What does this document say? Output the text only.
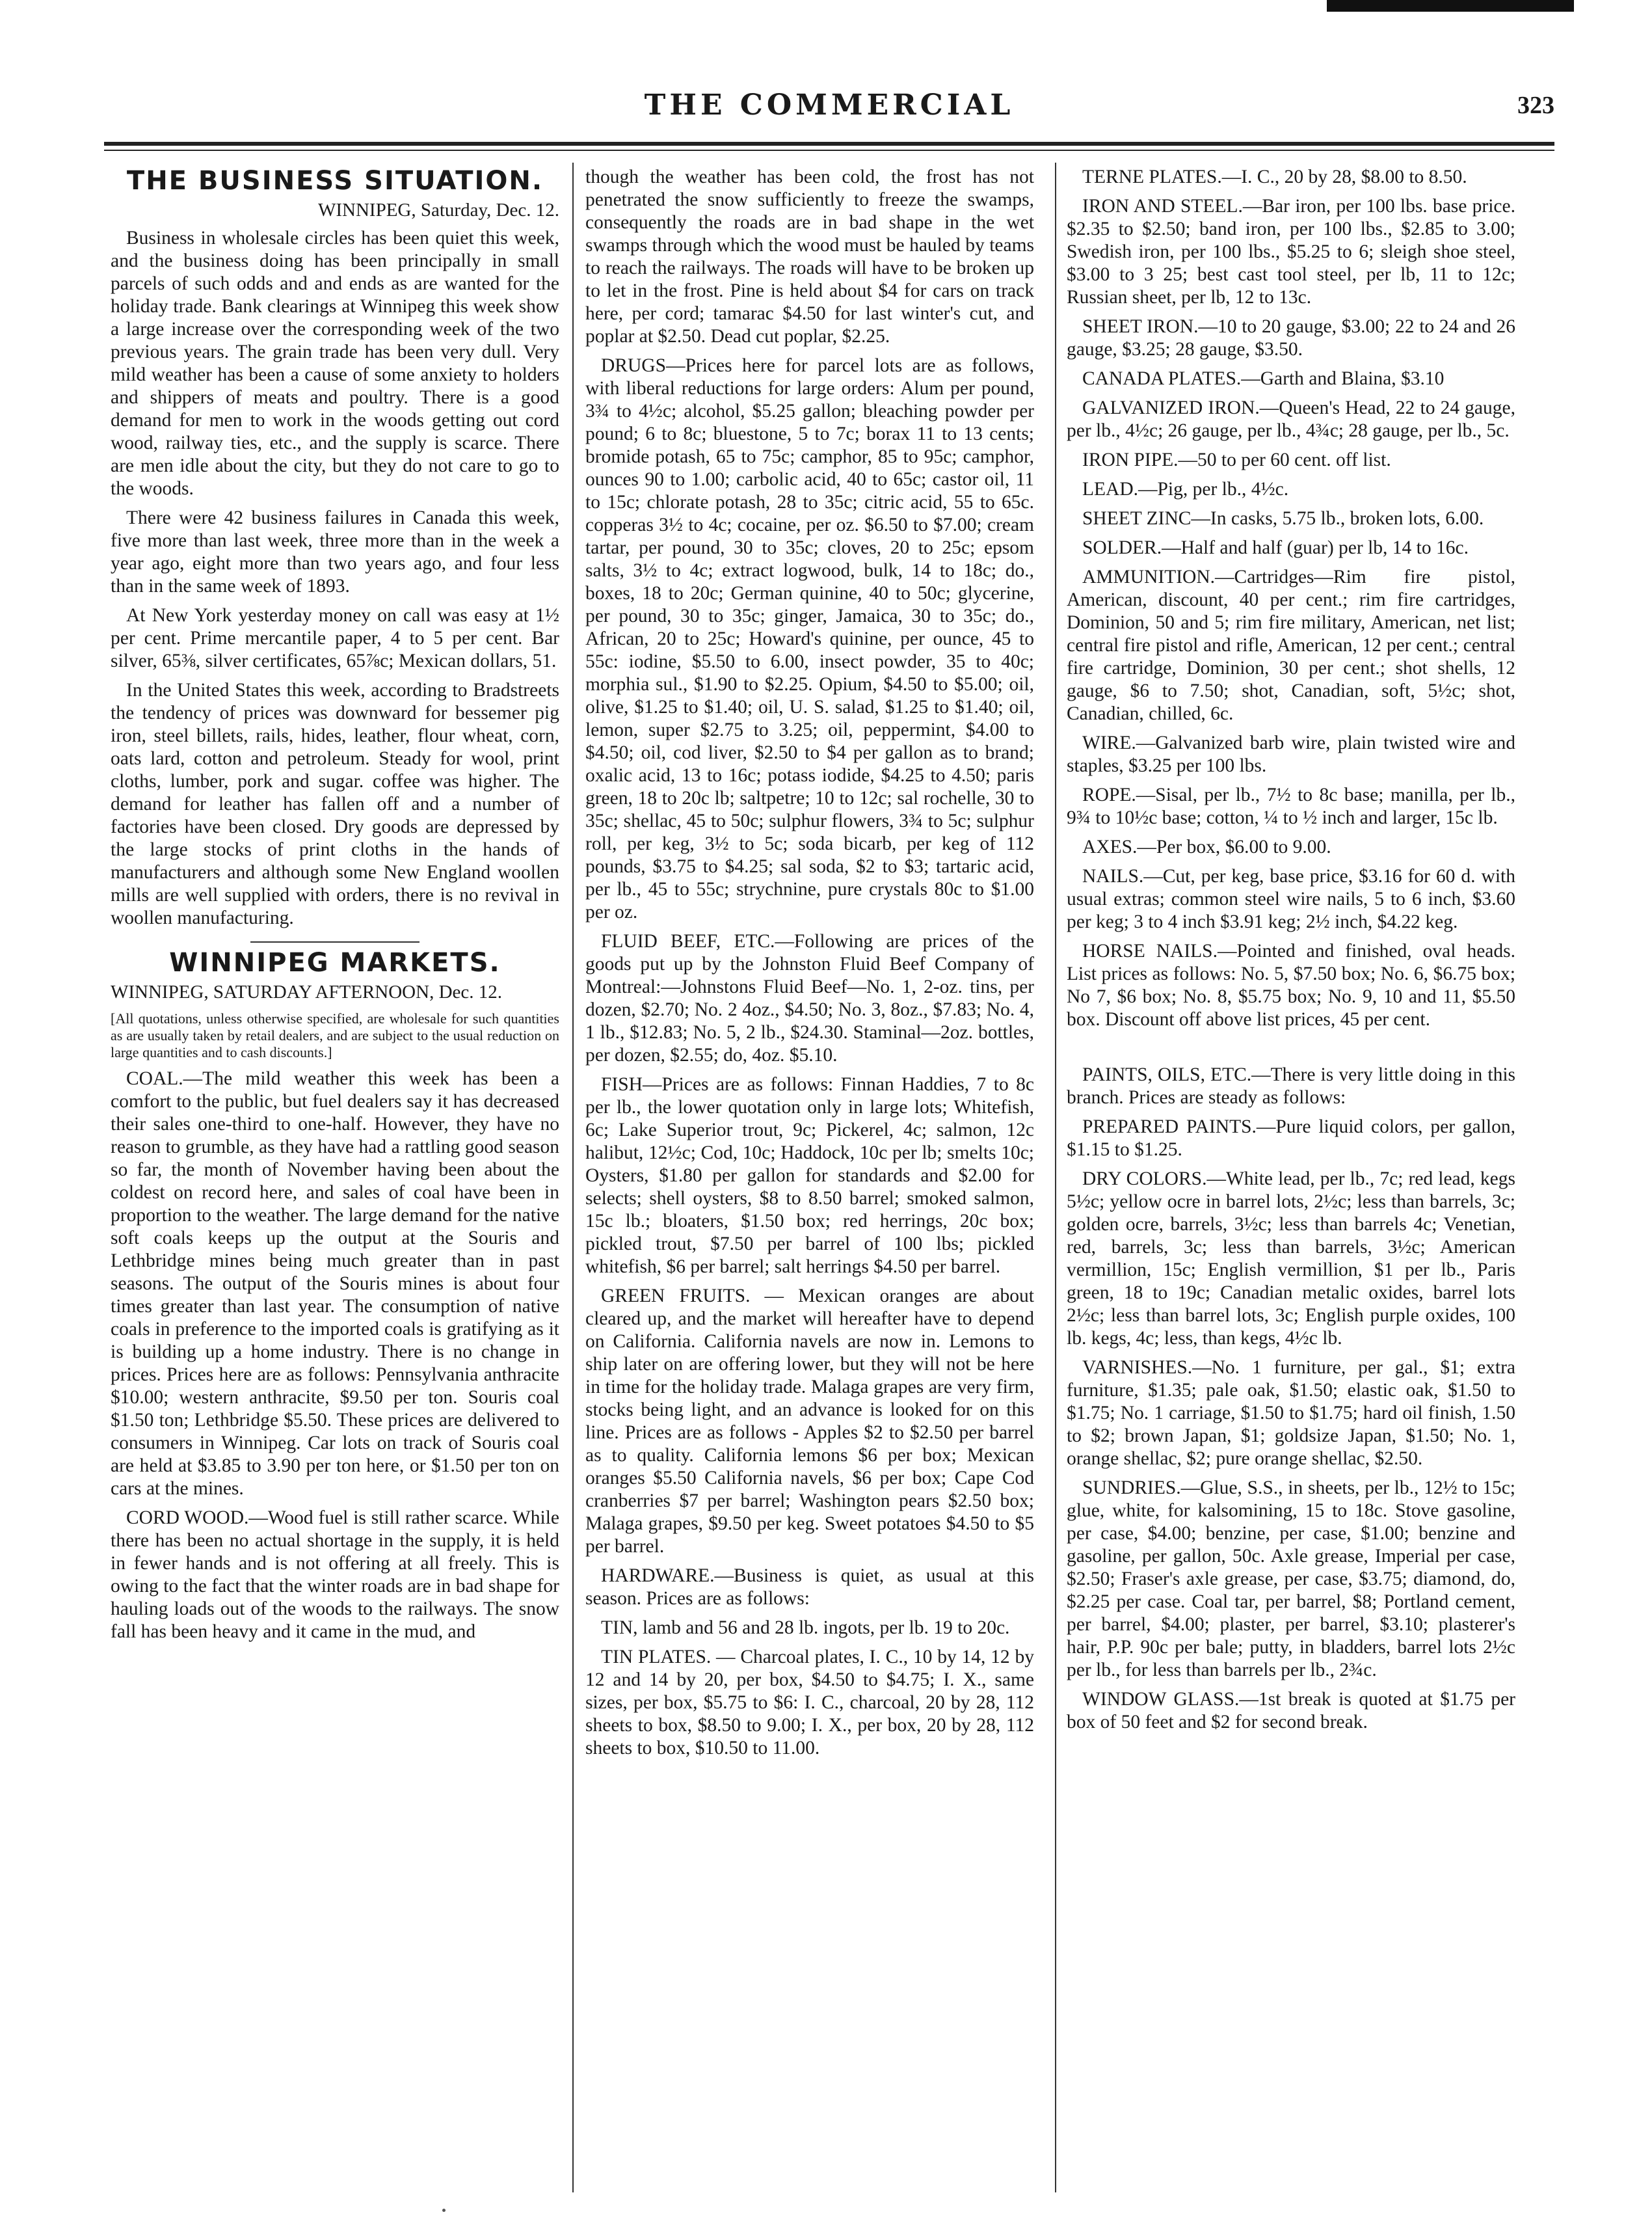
THE COMMERCIAL	323
THE BUSINESS SITUATION.
WINNIPEG, Saturday, Dec. 12.

Business in wholesale circles has been quiet this week, and the business doing has been principally in small parcels of such odds and and ends as are wanted for the holiday trade. Bank clearings at Winnipeg this week show a large increase over the corresponding week of the two previous years. The grain trade has been very dull. Very mild weather has been a cause of some anxiety to holders and shippers of meats and poultry. There is a good demand for men to work in the woods getting out cord wood, railway ties, etc., and the supply is scarce. There are men idle about the city, but they do not care to go to the woods.

There were 42 business failures in Canada this week, five more than last week, three more than in the week a year ago, eight more than two years ago, and four less than in the same week of 1893.

At New York yesterday money on call was easy at 1½ per cent. Prime mercantile paper, 4 to 5 per cent. Bar silver, 65⅜, silver certificates, 65⅞c; Mexican dollars, 51.

In the United States this week, according to Bradstreets the tendency of prices was downward for bessemer pig iron, steel billets, rails, hides, leather, flour wheat, corn, oats lard, cotton and petroleum. Steady for wool, print cloths, lumber, pork and sugar. coffee was higher. The demand for leather has fallen off and a number of factories have been closed. Dry goods are depressed by the large stocks of print cloths in the hands of manufacturers and although some New England woollen mills are well supplied with orders, there is no revival in woollen manufacturing.

WINNIPEG MARKETS.

WINNIPEG, SATURDAY AFTERNOON, Dec. 12.

[All quotations, unless otherwise specified, are wholesale for such quantities as are usually taken by retail dealers, and are subject to the usual reduction on large quantities and to cash discounts.]

COAL.—The mild weather this week has been a comfort to the public, but fuel dealers say it has decreased their sales one-third to one-half. However, they have no reason to grumble, as they have had a rattling good season so far, the month of November having been about the coldest on record here, and sales of coal have been in proportion to the weather. The large demand for the native soft coals keeps up the output at the Souris and Lethbridge mines being much greater than in past seasons. The output of the Souris mines is about four times greater than last year. The consumption of native coals in preference to the imported coals is gratifying as it is building up a home industry. There is no change in prices. Prices here are as follows: Pennsylvania anthracite $10.00; western anthracite, $9.50 per ton. Souris coal $1.50 ton; Lethbridge $5.50. These prices are delivered to consumers in Winnipeg. Car lots on track of Souris coal are held at $3.85 to 3.90 per ton here, or $1.50 per ton on cars at the mines.

CORD WOOD.—Wood fuel is still rather scarce. While there has been no actual shortage in the supply, it is held in fewer hands and is not offering at all freely. This is owing to the fact that the winter roads are in bad shape for hauling loads out of the woods to the railways. The snow fall has been heavy and it came in the mud, and

though the weather has been cold, the frost has not penetrated the snow sufficiently to freeze the swamps, consequently the roads are in bad shape in the wet swamps through which the wood must be hauled by teams to reach the railways. The roads will have to be broken up to let in the frost. Pine is held about $4 for cars on track here, per cord; tamarac $4.50 for last winter's cut, and poplar at $2.50. Dead cut poplar, $2.25.

DRUGS—Prices here for parcel lots are as follows, with liberal reductions for large orders: Alum per pound, 3¾ to 4½c; alcohol, $5.25 gallon; bleaching powder per pound; 6 to 8c; bluestone, 5 to 7c; borax 11 to 13 cents; bromide potash, 65 to 75c; camphor, 85 to 95c; camphor, ounces 90 to 1.00; carbolic acid, 40 to 65c; castor oil, 11 to 15c; chlorate potash, 28 to 35c; citric acid, 55 to 65c. copperas 3½ to 4c; cocaine, per oz. $6.50 to $7.00; cream tartar, per pound, 30 to 35c; cloves, 20 to 25c; epsom salts, 3½ to 4c; extract logwood, bulk, 14 to 18c; do., boxes, 18 to 20c; German quinine, 40 to 50c; glycerine, per pound, 30 to 35c; ginger, Jamaica, 30 to 35c; do., African, 20 to 25c; Howard's quinine, per ounce, 45 to 55c: iodine, $5.50 to 6.00, insect powder, 35 to 40c; morphia sul., $1.90 to $2.25. Opium, $4.50 to $5.00; oil, olive, $1.25 to $1.40; oil, U. S. salad, $1.25 to $1.40; oil, lemon, super $2.75 to 3.25; oil, peppermint, $4.00 to $4.50; oil, cod liver, $2.50 to $4 per gallon as to brand; oxalic acid, 13 to 16c; potass iodide, $4.25 to 4.50; paris green, 18 to 20c lb; saltpetre; 10 to 12c; sal rochelle, 30 to 35c; shellac, 45 to 50c; sulphur flowers, 3¾ to 5c; sulphur roll, per keg, 3½ to 5c; soda bicarb, per keg of 112 pounds, $3.75 to $4.25; sal soda, $2 to $3; tartaric acid, per lb., 45 to 55c; strychnine, pure crystals 80c to $1.00 per oz.

FLUID BEEF, ETC.—Following are prices of the goods put up by the Johnston Fluid Beef Company of Montreal:—Johnstons Fluid Beef—No. 1, 2-oz. tins, per dozen, $2.70; No. 2 4oz., $4.50; No. 3, 8oz., $7.83; No. 4, 1 lb., $12.83; No. 5, 2 lb., $24.30. Staminal—2oz. bottles, per dozen, $2.55; do, 4oz. $5.10.

FISH—Prices are as follows: Finnan Haddies, 7 to 8c per lb., the lower quotation only in large lots; Whitefish, 6c; Lake Superior trout, 9c; Pickerel, 4c; salmon, 12c halibut, 12½c; Cod, 10c; Haddock, 10c per lb; smelts 10c; Oysters, $1.80 per gallon for standards and $2.00 for selects; shell oysters, $8 to 8.50 barrel; smoked salmon, 15c lb.; bloaters, $1.50 box; red herrings, 20c box; pickled trout, $7.50 per barrel of 100 lbs; pickled whitefish, $6 per barrel; salt herrings $4.50 per barrel.

GREEN FRUITS. — Mexican oranges are about cleared up, and the market will hereafter have to depend on California. California navels are now in. Lemons to ship later on are offering lower, but they will not be here in time for the holiday trade. Malaga grapes are very firm, stocks being light, and an advance is looked for on this line. Prices are as follows - Apples $2 to $2.50 per barrel as to quality. California lemons $6 per box; Mexican oranges $5.50 California navels, $6 per box; Cape Cod cranberries $7 per barrel; Washington pears $2.50 box; Malaga grapes, $9.50 per keg. Sweet potatoes $4.50 to $5 per barrel.

HARDWARE.—Business is quiet, as usual at this season. Prices are as follows:

TIN, lamb and 56 and 28 lb. ingots, per lb. 19 to 20c.

TIN PLATES. — Charcoal plates, I. C., 10 by 14, 12 by 12 and 14 by 20, per box, $4.50 to $4.75; I. X., same sizes, per box, $5.75 to $6: I. C., charcoal, 20 by 28, 112 sheets to box, $8.50 to 9.00; I. X., per box, 20 by 28, 112 sheets to box, $10.50 to 11.00.

TERNE PLATES.—I. C., 20 by 28, $8.00 to 8.50.

IRON AND STEEL.—Bar iron, per 100 lbs. base price. $2.35 to $2.50; band iron, per 100 lbs., $2.85 to 3.00; Swedish iron, per 100 lbs., $5.25 to 6; sleigh shoe steel, $3.00 to 3 25; best cast tool steel, per lb, 11 to 12c; Russian sheet, per lb, 12 to 13c.

SHEET IRON.—10 to 20 gauge, $3.00; 22 to 24 and 26 gauge, $3.25; 28 gauge, $3.50.

CANADA PLATES.—Garth and Blaina, $3.10

GALVANIZED IRON.—Queen's Head, 22 to 24 gauge, per lb., 4½c; 26 gauge, per lb., 4¾c; 28 gauge, per lb., 5c.

IRON PIPE.—50 to per 60 cent. off list.

LEAD.—Pig, per lb., 4½c.

SHEET ZINC—In casks, 5.75 lb., broken lots, 6.00.

SOLDER.—Half and half (guar) per lb, 14 to 16c.

AMMUNITION.—Cartridges—Rim fire pistol, American, discount, 40 per cent.; rim fire cartridges, Dominion, 50 and 5; rim fire military, American, net list; central fire pistol and rifle, American, 12 per cent.; central fire cartridge, Dominion, 30 per cent.; shot shells, 12 gauge, $6 to 7.50; shot, Canadian, soft, 5½c; shot, Canadian, chilled, 6c.

WIRE.—Galvanized barb wire, plain twisted wire and staples, $3.25 per 100 lbs.

ROPE.—Sisal, per lb., 7½ to 8c base; manilla, per lb., 9¾ to 10½c base; cotton, ¼ to ½ inch and larger, 15c lb.

AXES.—Per box, $6.00 to 9.00.

NAILS.—Cut, per keg, base price, $3.16 for 60 d. with usual extras; common steel wire nails, 5 to 6 inch, $3.60 per keg; 3 to 4 inch $3.91 keg; 2½ inch, $4.22 keg.

HORSE NAILS.—Pointed and finished, oval heads. List prices as follows: No. 5, $7.50 box; No. 6, $6.75 box; No 7, $6 box; No. 8, $5.75 box; No. 9, 10 and 11, $5.50 box. Discount off above list prices, 45 per cent.

PAINTS, OILS, ETC.—There is very little doing in this branch. Prices are steady as follows:

PREPARED PAINTS.—Pure liquid colors, per gallon, $1.15 to $1.25.

DRY COLORS.—White lead, per lb., 7c; red lead, kegs 5½c; yellow ocre in barrel lots, 2½c; less than barrels, 3c; golden ocre, barrels, 3½c; less than barrels 4c; Venetian, red, barrels, 3c; less than barrels, 3½c; American vermillion, 15c; English vermillion, $1 per lb., Paris green, 18 to 19c; Canadian metalic oxides, barrel lots 2½c; less than barrel lots, 3c; English purple oxides, 100 lb. kegs, 4c; less, than kegs, 4½c lb.

VARNISHES.—No. 1 furniture, per gal., $1; extra furniture, $1.35; pale oak, $1.50; elastic oak, $1.50 to $1.75; No. 1 carriage, $1.50 to $1.75; hard oil finish, 1.50 to $2; brown Japan, $1; goldsize Japan, $1.50; No. 1, orange shellac, $2; pure orange shellac, $2.50.

SUNDRIES.—Glue, S.S., in sheets, per lb., 12½ to 15c; glue, white, for kalsomining, 15 to 18c. Stove gasoline, per case, $4.00; benzine, per case, $1.00; benzine and gasoline, per gallon, 50c. Axle grease, Imperial per case, $2.50; Fraser's axle grease, per case, $3.75; diamond, do, $2.25 per case. Coal tar, per barrel, $8; Portland cement, per barrel, $4.00; plaster, per barrel, $3.10; plasterer's hair, P.P. 90c per bale; putty, in bladders, barrel lots 2½c per lb., for less than barrels per lb., 2¾c.

WINDOW GLASS.—1st break is quoted at $1.75 per box of 50 feet and $2 for second break.
